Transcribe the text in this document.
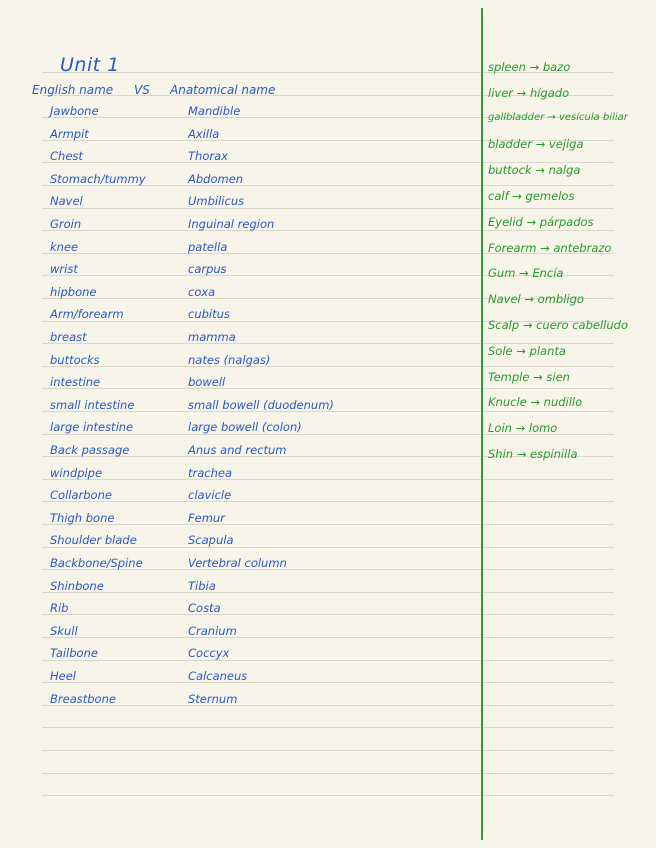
Unit 1
English name VS Anatomical name
Jawbone	Mandible
Armpit	Axilla
Chest	Thorax
Stomach/tummy	Abdomen
Navel	Umbilicus
Groin	Inguinal region
knee	patella
wrist	carpus
hipbone	coxa
Arm/forearm	cubitus
breast	mamma
buttocks	nates (nalgas)
intestine	bowell
small intestine	small bowell (duodenum)
large intestine	large bowell (colon)
Back passage	Anus and rectum
windpipe	trachea
Collarbone	clavicle
Thigh bone	Femur
Shoulder blade	Scapula
Backbone/Spine	Vertebral column
Shinbone	Tibia
Rib	Costa
Skull	Cranium
Tailbone	Coccyx
Heel	Calcaneus
Breastbone	Sternum
spleen → bazo
liver → hígado
gallbladder → vesícula biliar
bladder → vejiga
buttock → nalga
calf → gemelos
Eyelid → párpados
Forearm → antebrazo
Gum → Encía
Navel → ombligo
Scalp → cuero cabelludo
Sole → planta
Temple → sien
Knucle → nudillo
Loin → lomo
Shin → espinilla
